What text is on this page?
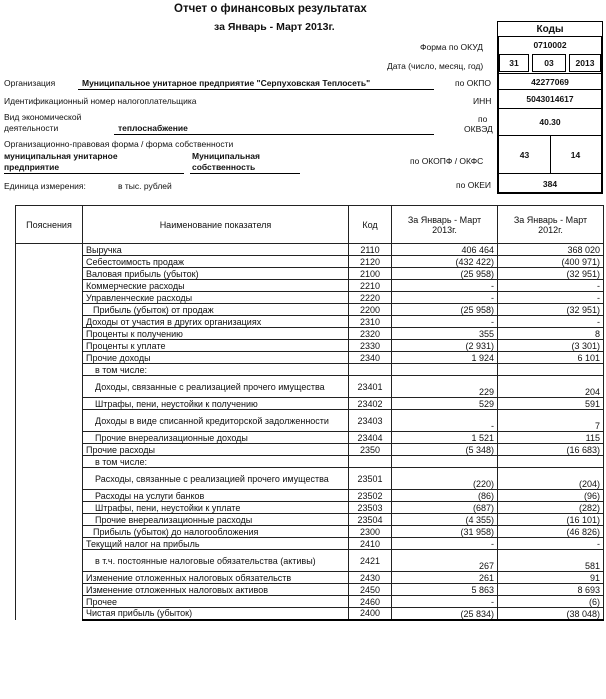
Отчет о финансовых результатах
за Январь - Март 2013г.	Коды
Форма по ОКУД	0710002
Дата (число, месяц, год)	31	03	2013
Организация	Муниципальное унитарное предприятие "Серпуховская Теплосеть"	по ОКПО	42277069
Идентификационный номер налогоплательщика	ИНН	5043014617
Вид экономической
деятельности	теплоснабжение
по
ОКВЭД
40.30
Организационно-правовая форма / форма собственности
муниципальная унитарное
предприятие
Муниципальная
собственность
по ОКОПФ / ОКФС
43	14
Единица измерения:	в тыс. рублей	по ОКЕИ	384
Пояснения	Наименование показателя	Код	За Январь - Март 2013г.	За Январь - Март 2012г.
	Выручка	2110	406 464	368 020
	Себестоимость продаж	2120	(432 422)	(400 971)
	Валовая прибыль (убыток)	2100	(25 958)	(32 951)
	Коммерческие расходы	2210	-	-
	Управленческие расходы	2220	-	-
	Прибыль (убыток) от продаж	2200	(25 958)	(32 951)
	Доходы от участия в других организациях	2310	-	-
	Проценты к получению	2320	355	8
	Проценты к уплате	2330	(2 931)	(3 301)
	Прочие доходы	2340	1 924	6 101
	в том числе:			
	Доходы, связанные с реализацией прочего имущества	23401	229	204
	Штрафы, пени, неустойки к получению	23402	529	591
	Доходы в виде списанной кредиторской задолженности	23403	-	7
	Прочие внереализационные доходы	23404	1 521	115
	Прочие расходы	2350	(5 348)	(16 683)
	в том числе:			
	Расходы, связанные с реализацией прочего имущества	23501	(220)	(204)
	Расходы на услуги банков	23502	(86)	(96)
	Штрафы, пени, неустойки к уплате	23503	(687)	(282)
	Прочие внереализационные расходы	23504	(4 355)	(16 101)
	Прибыль (убыток) до налогообложения	2300	(31 958)	(46 826)
	Текущий налог на прибыль	2410	-	-
	в т.ч. постоянные налоговые обязательства (активы)	2421	267	581
	Изменение отложенных налоговых обязательств	2430	261	91
	Изменение отложенных налоговых активов	2450	5 863	8 693
	Прочее	2460	-	(6)
	Чистая прибыль (убыток)	2400	(25 834)	(38 048)
